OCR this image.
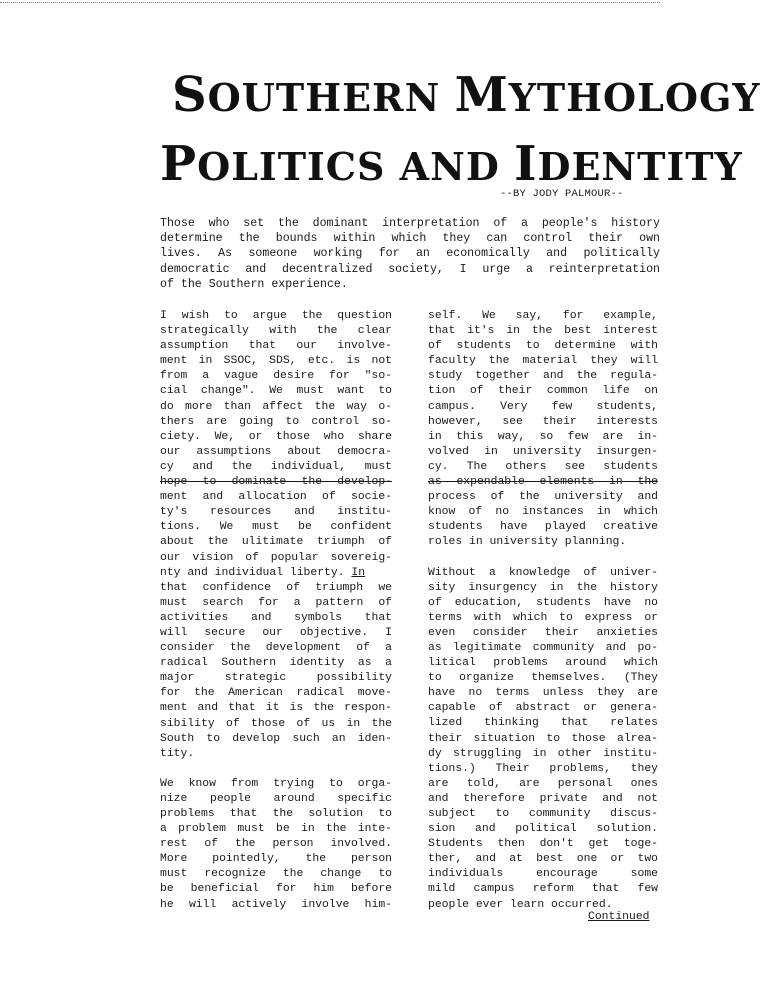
SOUTHERN MYTHOLOGY
POLITICS AND IDENTITY
--BY JODY PALMOUR--
Those who set the dominant interpretation of a people's history
determine the bounds within which they can control their own
lives. As someone working for an economically and politically
democratic and decentralized society, I urge a reinterpretation
of the Southern experience.

I wish to argue the question
strategically with the clear
assumption that our involve-
ment in SSOC, SDS, etc. is not
from a vague desire for "so-
cial change". We must want to
do more than affect the way o-
thers are going to control so-
ciety. We, or those who share
our assumptions about democra-
cy and the individual, must
hope to dominate the develop-
ment and allocation of socie-
ty's resources and institu-
tions. We must be confident
about the ulitimate triumph of
our vision of popular sovereig-
nty and individual liberty. In
that confidence of triumph we
must search for a pattern of
activities and symbols that
will secure our objective. I
consider the development of a
radical Southern identity as a
major strategic possibility
for the American radical move-
ment and that it is the respon-
sibility of those of us in the
South to develop such an iden-
tity.

We know from trying to orga-
nize people around specific
problems that the solution to
a problem must be in the inte-
rest of the person involved.
More pointedly, the person
must recognize the change to
be beneficial for him before
he will actively involve him-

self. We say, for example,
that it's in the best interest
of students to determine with
faculty the material they will
study together and the regula-
tion of their common life on
campus. Very few students,
however, see their interests
in this way, so few are in-
volved in university insurgen-
cy. The others see students
as expendable elements in the
process of the university and
know of no instances in which
students have played creative
roles in university planning.

Without a knowledge of univer-
sity insurgency in the history
of education, students have no
terms with which to express or
even consider their anxieties
as legitimate community and po-
litical problems around which
to organize themselves. (They
have no terms unless they are
capable of abstract or genera-
lized thinking that relates
their situation to those alrea-
dy struggling in other institu-
tions.) Their problems, they
are told, are personal ones
and therefore private and not
subject to community discus-
sion and political solution.
Students then don't get toge-
ther, and at best one or two
individuals encourage some
mild campus reform that few
people ever learn occurred.

Continued
